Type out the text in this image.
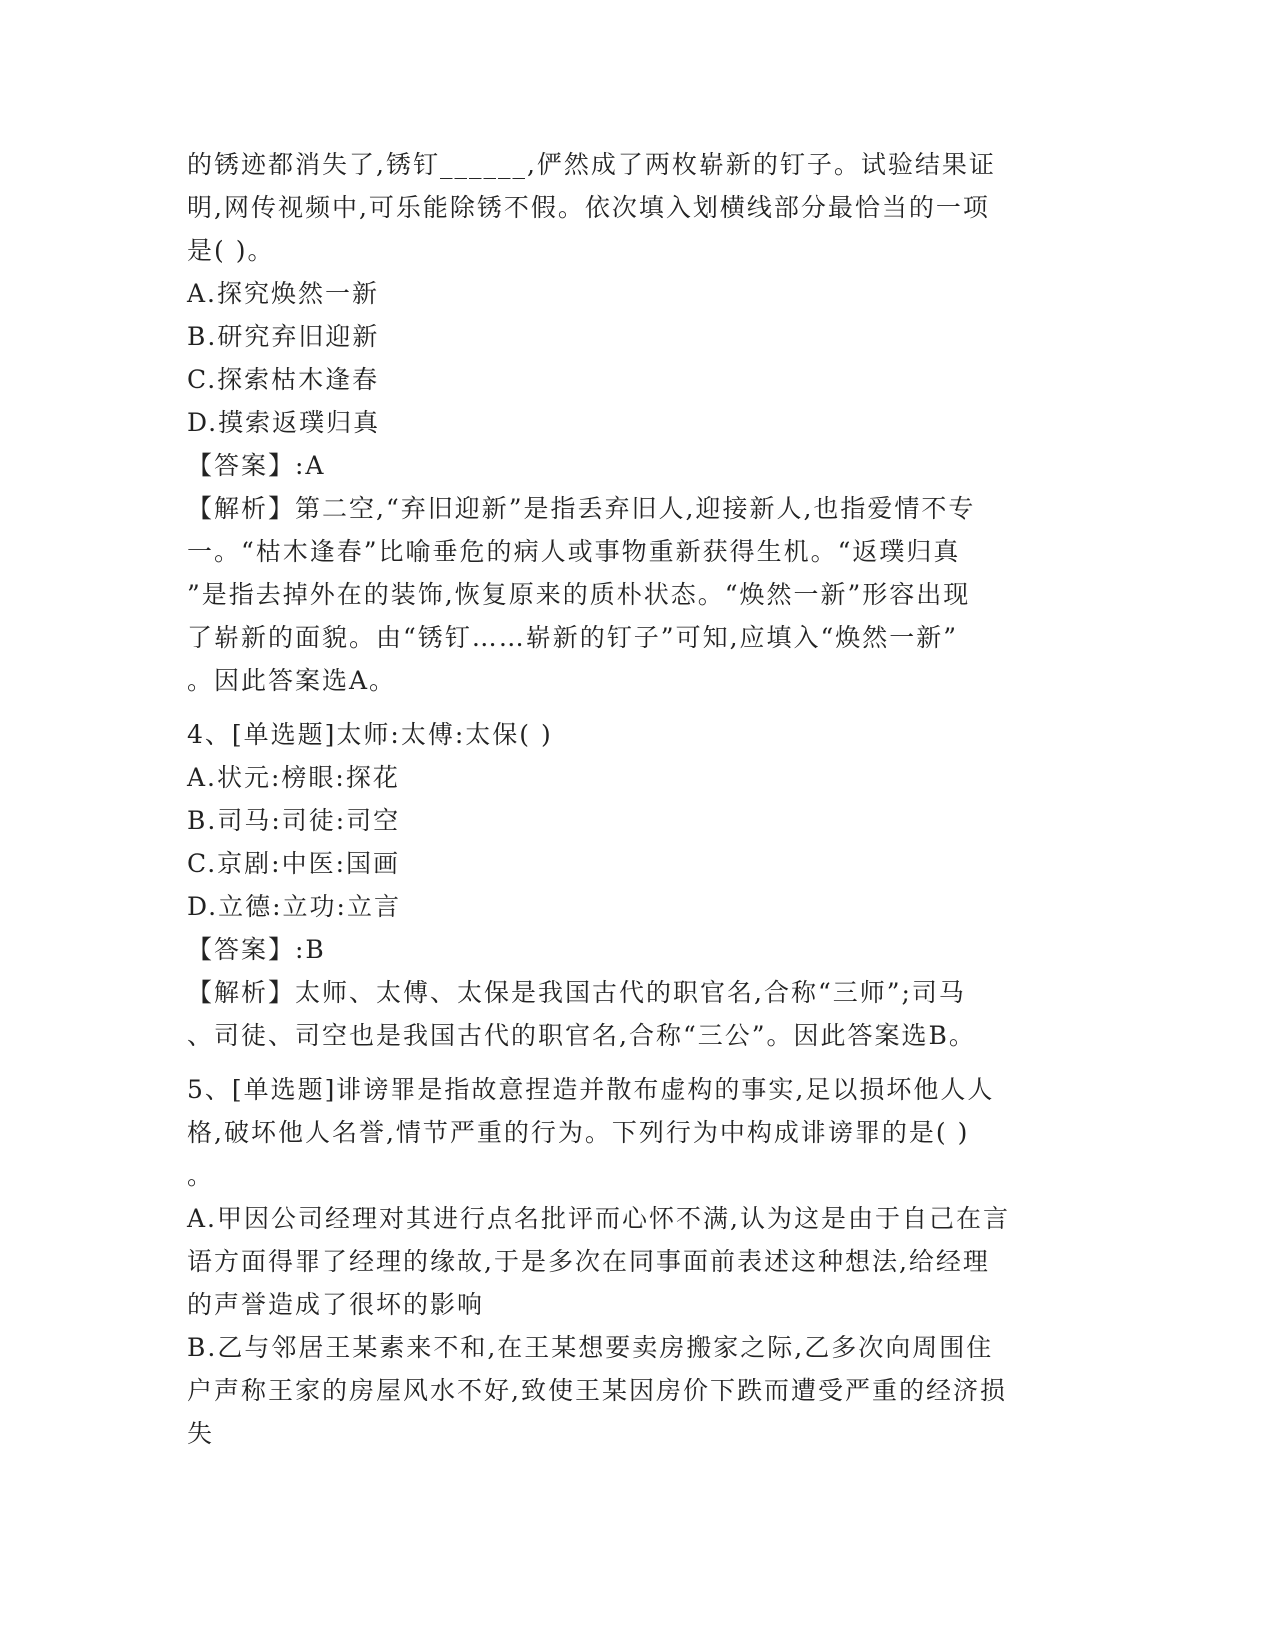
的锈迹都消失了,锈钉______,俨然成了两枚崭新的钉子。试验结果证
明,网传视频中,可乐能除锈不假。依次填入划横线部分最恰当的一项
是( )。
A.探究焕然一新
B.研究弃旧迎新
C.探索枯木逢春
D.摸索返璞归真
【答案】:A
【解析】第二空,“弃旧迎新”是指丢弃旧人,迎接新人,也指爱情不专
一。“枯木逢春”比喻垂危的病人或事物重新获得生机。“返璞归真
”是指去掉外在的装饰,恢复原来的质朴状态。“焕然一新”形容出现
了崭新的面貌。由“锈钉……崭新的钉子”可知,应填入“焕然一新”
。因此答案选A。
4、[单选题]太师:太傅:太保( )
A.状元:榜眼:探花
B.司马:司徒:司空
C.京剧:中医:国画
D.立德:立功:立言
【答案】:B
【解析】太师、太傅、太保是我国古代的职官名,合称“三师”;司马
、司徒、司空也是我国古代的职官名,合称“三公”。因此答案选B。
5、[单选题]诽谤罪是指故意捏造并散布虚构的事实,足以损坏他人人
格,破坏他人名誉,情节严重的行为。下列行为中构成诽谤罪的是( )
。
A.甲因公司经理对其进行点名批评而心怀不满,认为这是由于自己在言
语方面得罪了经理的缘故,于是多次在同事面前表述这种想法,给经理
的声誉造成了很坏的影响
B.乙与邻居王某素来不和,在王某想要卖房搬家之际,乙多次向周围住
户声称王家的房屋风水不好,致使王某因房价下跌而遭受严重的经济损
失
